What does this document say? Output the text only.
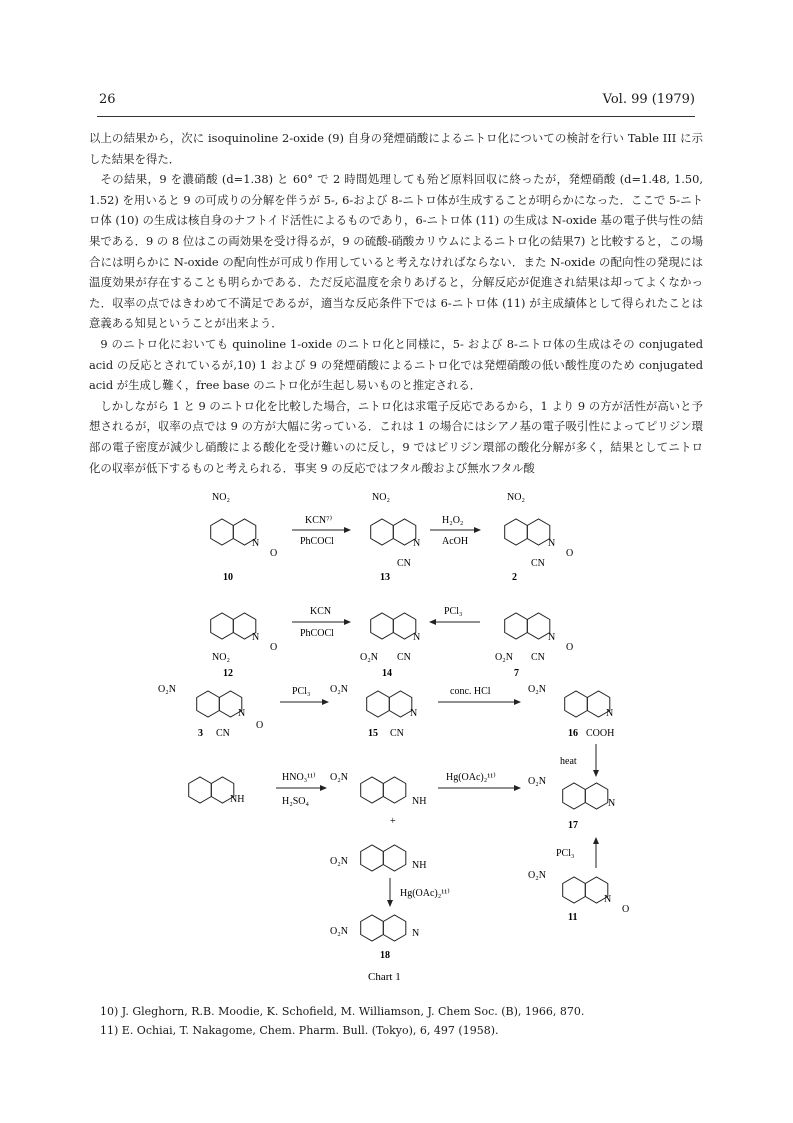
26	Vol. 99 (1979)

以上の結果から，次に isoquinoline 2-oxide (9) 自身の発煙硝酸によるニトロ化についての検討を行い Table III に示した結果を得た．

その結果，9 を濃硝酸 (d=1.38) と 60° で 2 時間処理しても殆ど原料回収に終ったが，発煙硝酸 (d=1.48, 1.50, 1.52) を用いると 9 の可成りの分解を伴うが 5-, 6-および 8-ニトロ体が生成することが明らかになった．ここで 5-ニトロ体 (10) の生成は核自身のナフトイド活性によるものであり，6-ニトロ体 (11) の生成は N-oxide 基の電子供与性の結果である．9 の 8 位はこの両効果を受け得るが，9 の硫酸-硝酸カリウムによるニトロ化の結果7) と比較すると，この場合には明らかに N-oxide の配向性が可成り作用していると考えなければならない．また N-oxide の配向性の発現には温度効果が存在することも明らかである．ただ反応温度を余りあげると，分解反応が促進され結果は却ってよくなかった．収率の点ではきわめて不満足であるが，適当な反応条件下では 6-ニトロ体 (11) が主成績体として得られたことは意義ある知見ということが出来よう．

9 のニトロ化においても quinoline 1-oxide のニトロ化と同様に，5- および 8-ニトロ体の生成はその conjugated acid の反応とされているが,10) 1 および 9 の発煙硝酸によるニトロ化では発煙硝酸の低い酸性度のため conjugated acid が生成し難く，free base のニトロ化が生起し易いものと推定される．

しかしながら 1 と 9 のニトロ化を比較した場合，ニトロ化は求電子反応であるから，1 より 9 の方が活性が高いと予想されるが，収率の点では 9 の方が大幅に劣っている．これは 1 の場合にはシアノ基の電子吸引性によってピリジン環部の電子密度が減少し硝酸による酸化を受け難いのに反し，9 ではピリジン環部の酸化分解が多く，結果としてニトロ化の収率が低下するものと考えられる．事実 9 の反応ではフタル酸および無水フタル酸

NO₂
N
O
10
KCN⁷⁾
PhCOCl
NO₂
N
CN
13
H₂O₂
AcOH
NO₂
N
O
CN
2
N
O
NO₂
12
KCN
PhCOCl	N
O₂N CN
14
PCl₃
N
O
O₂N CN
7
O₂N
N
O
3 CN
PCl₃ O₂N
N
15 CN
conc. HCl	O₂N
N
16 COOH
heat
NH
HNO₃¹¹⁾
H₂SO₄
O₂N
NH
+
Hg(OAc)₂¹¹⁾	O₂N
N
17
PCl₃
O₂N	NH
Hg(OAc)₂¹¹⁾
O₂N
N
O
11
O₂N	N
18
Chart 1
10) J. Gleghorn, R.B. Moodie, K. Schofield, M. Williamson, J. Chem Soc. (B), 1966, 870.
11) E. Ochiai, T. Nakagome, Chem. Pharm. Bull. (Tokyo), 6, 497 (1958).
